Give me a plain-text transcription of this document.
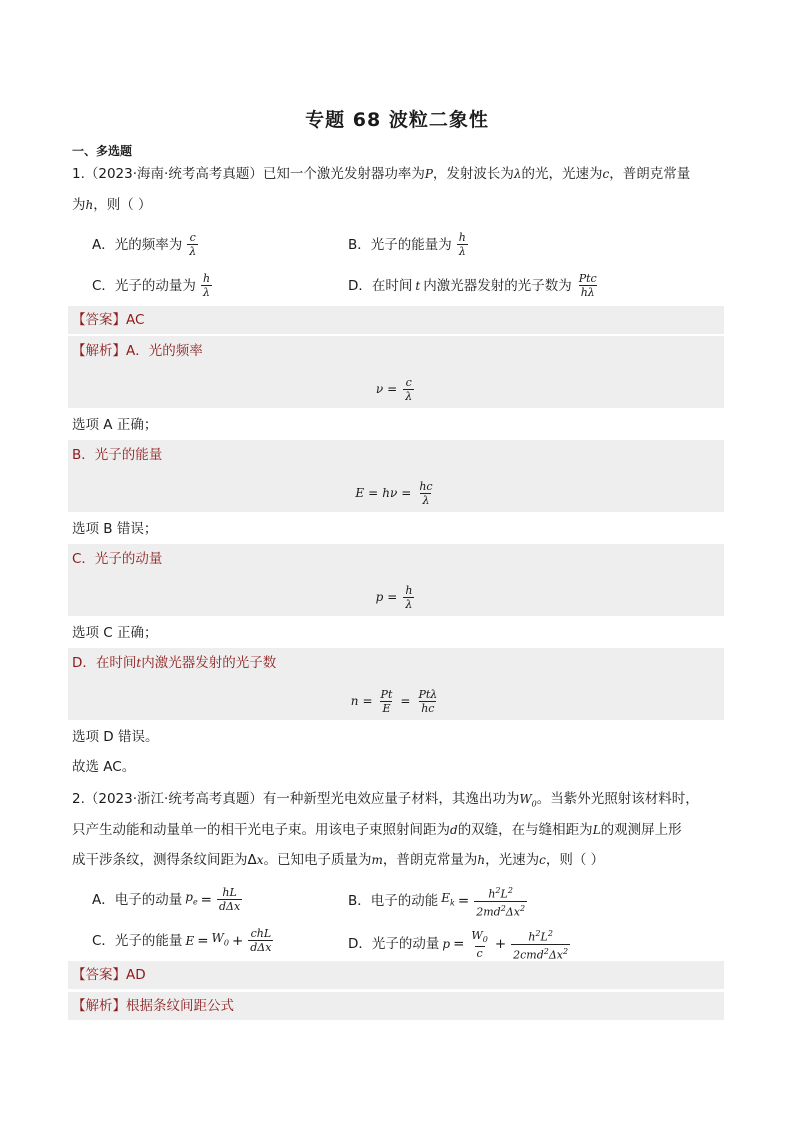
专题 68 波粒二象性
一、多选题
1.（2023·海南·统考高考真题）已知一个激光发射器功率为P，发射波长为λ的光，光速为c，普朗克常量
为h，则（ ）
A．光的频率为 $\frac{c}{\lambda}$	B．光子的能量为 $\frac{h}{\lambda}$
C．光子的动量为 $\frac{h}{\lambda}$	D．在时间 t 内激光器发射的光子数为 $\frac{\text{Ptc}}{h\lambda}$
【答案】AC
【解析】A．光的频率
$\nu = \frac{c}{\lambda}$
选项 A 正确；
B．光子的能量
$E = h\nu = \frac{hc}{\lambda}$
选项 B 错误；
C．光子的动量
$p = \frac{h}{\lambda}$
选项 C 正确；
D．在时间t内激光器发射的光子数
$n = \frac{Pt}{E} = \frac{\text{Ptλ}}{hc}$
选项 D 错误。
故选 AC。
2.（2023·浙江·统考高考真题）有一种新型光电效应量子材料，其逸出功为$W_0$。当紫外光照射该材料时，
只产生动能和动量单一的相干光电子束。用该电子束照射间距为d的双缝，在与缝相距为L的观测屏上形
成干涉条纹，测得条纹间距为Δx。已知电子质量为m，普朗克常量为h，光速为c，则（ ）
A．电子的动量 $p_e = \frac{hL}{\text{dΔx}}$	B．电子的动能 $E_k = \frac{h^2L^2}{2md^2\Delta x^2}$
C．光子的能量 $E = W_0 + \frac{\text{chL}}{\text{dΔx}}$	D．光子的动量 $p = \frac{W_0}{c} + \frac{h^2L^2}{2cmd^2\Delta x^2}$
【答案】AD
【解析】根据条纹间距公式
